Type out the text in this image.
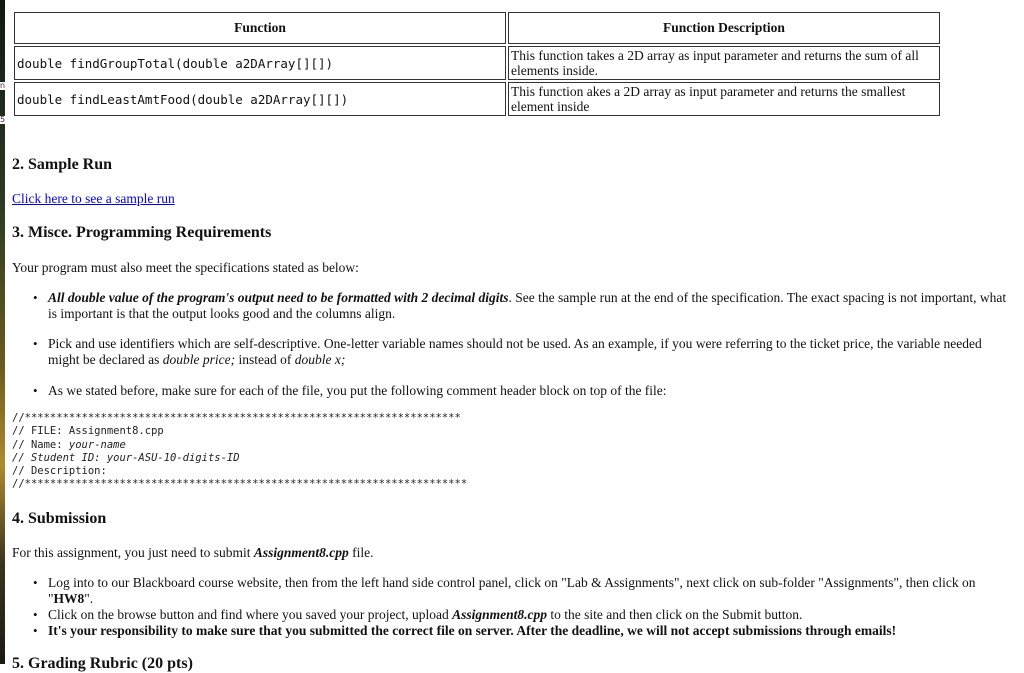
n
5
Function	Function Description
double findGroupTotal(double a2DArray[][])	This function takes a 2D array as input parameter and returns the sum of all elements inside.
double findLeastAmtFood(double a2DArray[][])	This function akes a 2D array as input parameter and returns the smallest element inside
2. Sample Run
Click here to see a sample run
3. Misce. Programming Requirements
Your program must also meet the specifications stated as below:
• All double value of the program's output need to be formatted with 2 decimal digits. See the sample run at the end of the specification. The exact spacing is not important, what is important is that the output looks good and the columns align.
• Pick and use identifiers which are self-descriptive. One-letter variable names should not be used. As an example, if you were referring to the ticket price, the variable needed might be declared as double price; instead of double x;
• As we stated before, make sure for each of the file, you put the following comment header block on top of the file:
//*********************************************************************
// FILE: Assignment8.cpp
// Name: your-name
// Student ID: your-ASU-10-digits-ID
// Description:
//**********************************************************************
4. Submission
For this assignment, you just need to submit Assignment8.cpp file.
• Log into to our Blackboard course website, then from the left hand side control panel, click on "Lab & Assignments", next click on sub-folder "Assignments", then click on "HW8".
• Click on the browse button and find where you saved your project, upload Assignment8.cpp to the site and then click on the Submit button.
• It's your responsibility to make sure that you submitted the correct file on server. After the deadline, we will not accept submissions through emails!
5. Grading Rubric (20 pts)
